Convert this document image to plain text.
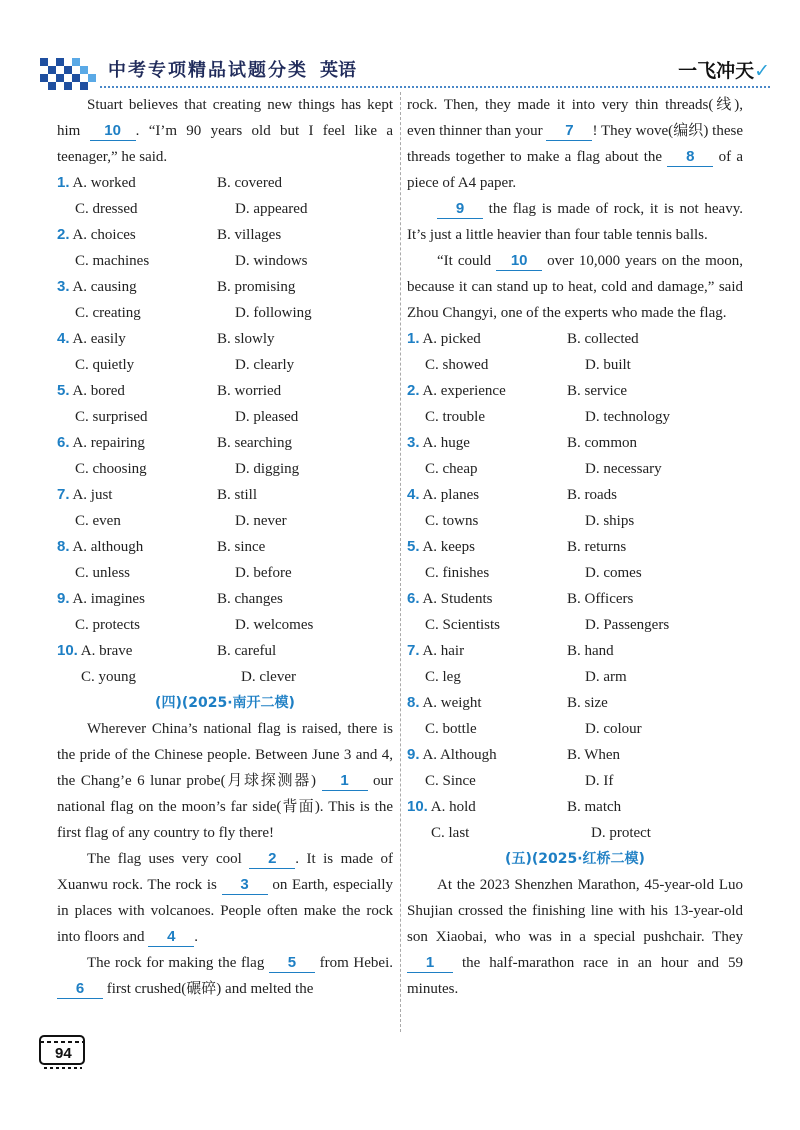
中考专项精品试题分类 英语	一飞冲天✓

Stuart believes that creating new things has kept him 10 . “I’m 90 years old but I feel like a teenager,” he said.

1. A. worked	B. covered
C. dressed	D. appeared
2. A. choices	B. villages
C. machines	D. windows
3. A. causing	B. promising
C. creating	D. following
4. A. easily	B. slowly
C. quietly	D. clearly
5. A. bored	B. worried
C. surprised	D. pleased
6. A. repairing	B. searching
C. choosing	D. digging
7. A. just	B. still
C. even	D. never
8. A. although	B. since
C. unless	D. before
9. A. imagines	B. changes
C. protects	D. welcomes
10. A. brave	B. careful
C. young	D. clever
(四)(2025·南开二模)

Wherever China’s national flag is raised, there is the pride of the Chinese people. Between June 3 and 4, the Chang’e 6 lunar probe(月球探测器) 1 our national flag on the moon’s far side(背面). This is the first flag of any country to fly there!

The flag uses very cool 2 . It is made of Xuanwu rock. The rock is 3 on Earth, especially in places with volcanoes. People often make the rock into floors and 4 .

The rock for making the flag 5 from Hebei. 6 first crushed(碾碎) and melted the

rock. Then, they made it into very thin threads(线), even thinner than your 7 ! They wove(编织) these threads together to make a flag about the 8 of a piece of A4 paper.

9 the flag is made of rock, it is not heavy. It’s just a little heavier than four table tennis balls.

“It could 10 over 10,000 years on the moon, because it can stand up to heat, cold and damage,” said Zhou Changyi, one of the experts who made the flag.

1. A. picked	B. collected
C. showed	D. built
2. A. experience	B. service
C. trouble	D. technology
3. A. huge	B. common
C. cheap	D. necessary
4. A. planes	B. roads
C. towns	D. ships
5. A. keeps	B. returns
C. finishes	D. comes
6. A. Students	B. Officers
C. Scientists	D. Passengers
7. A. hair	B. hand
C. leg	D. arm
8. A. weight	B. size
C. bottle	D. colour
9. A. Although	B. When
C. Since	D. If
10. A. hold	B. match
C. last	D. protect
(五)(2025·红桥二模)

At the 2023 Shenzhen Marathon, 45-year-old Luo Shujian crossed the finishing line with his 13-year-old son Xiaobai, who was in a special pushchair. They 1 the half-marathon race in an hour and 59 minutes.

94
